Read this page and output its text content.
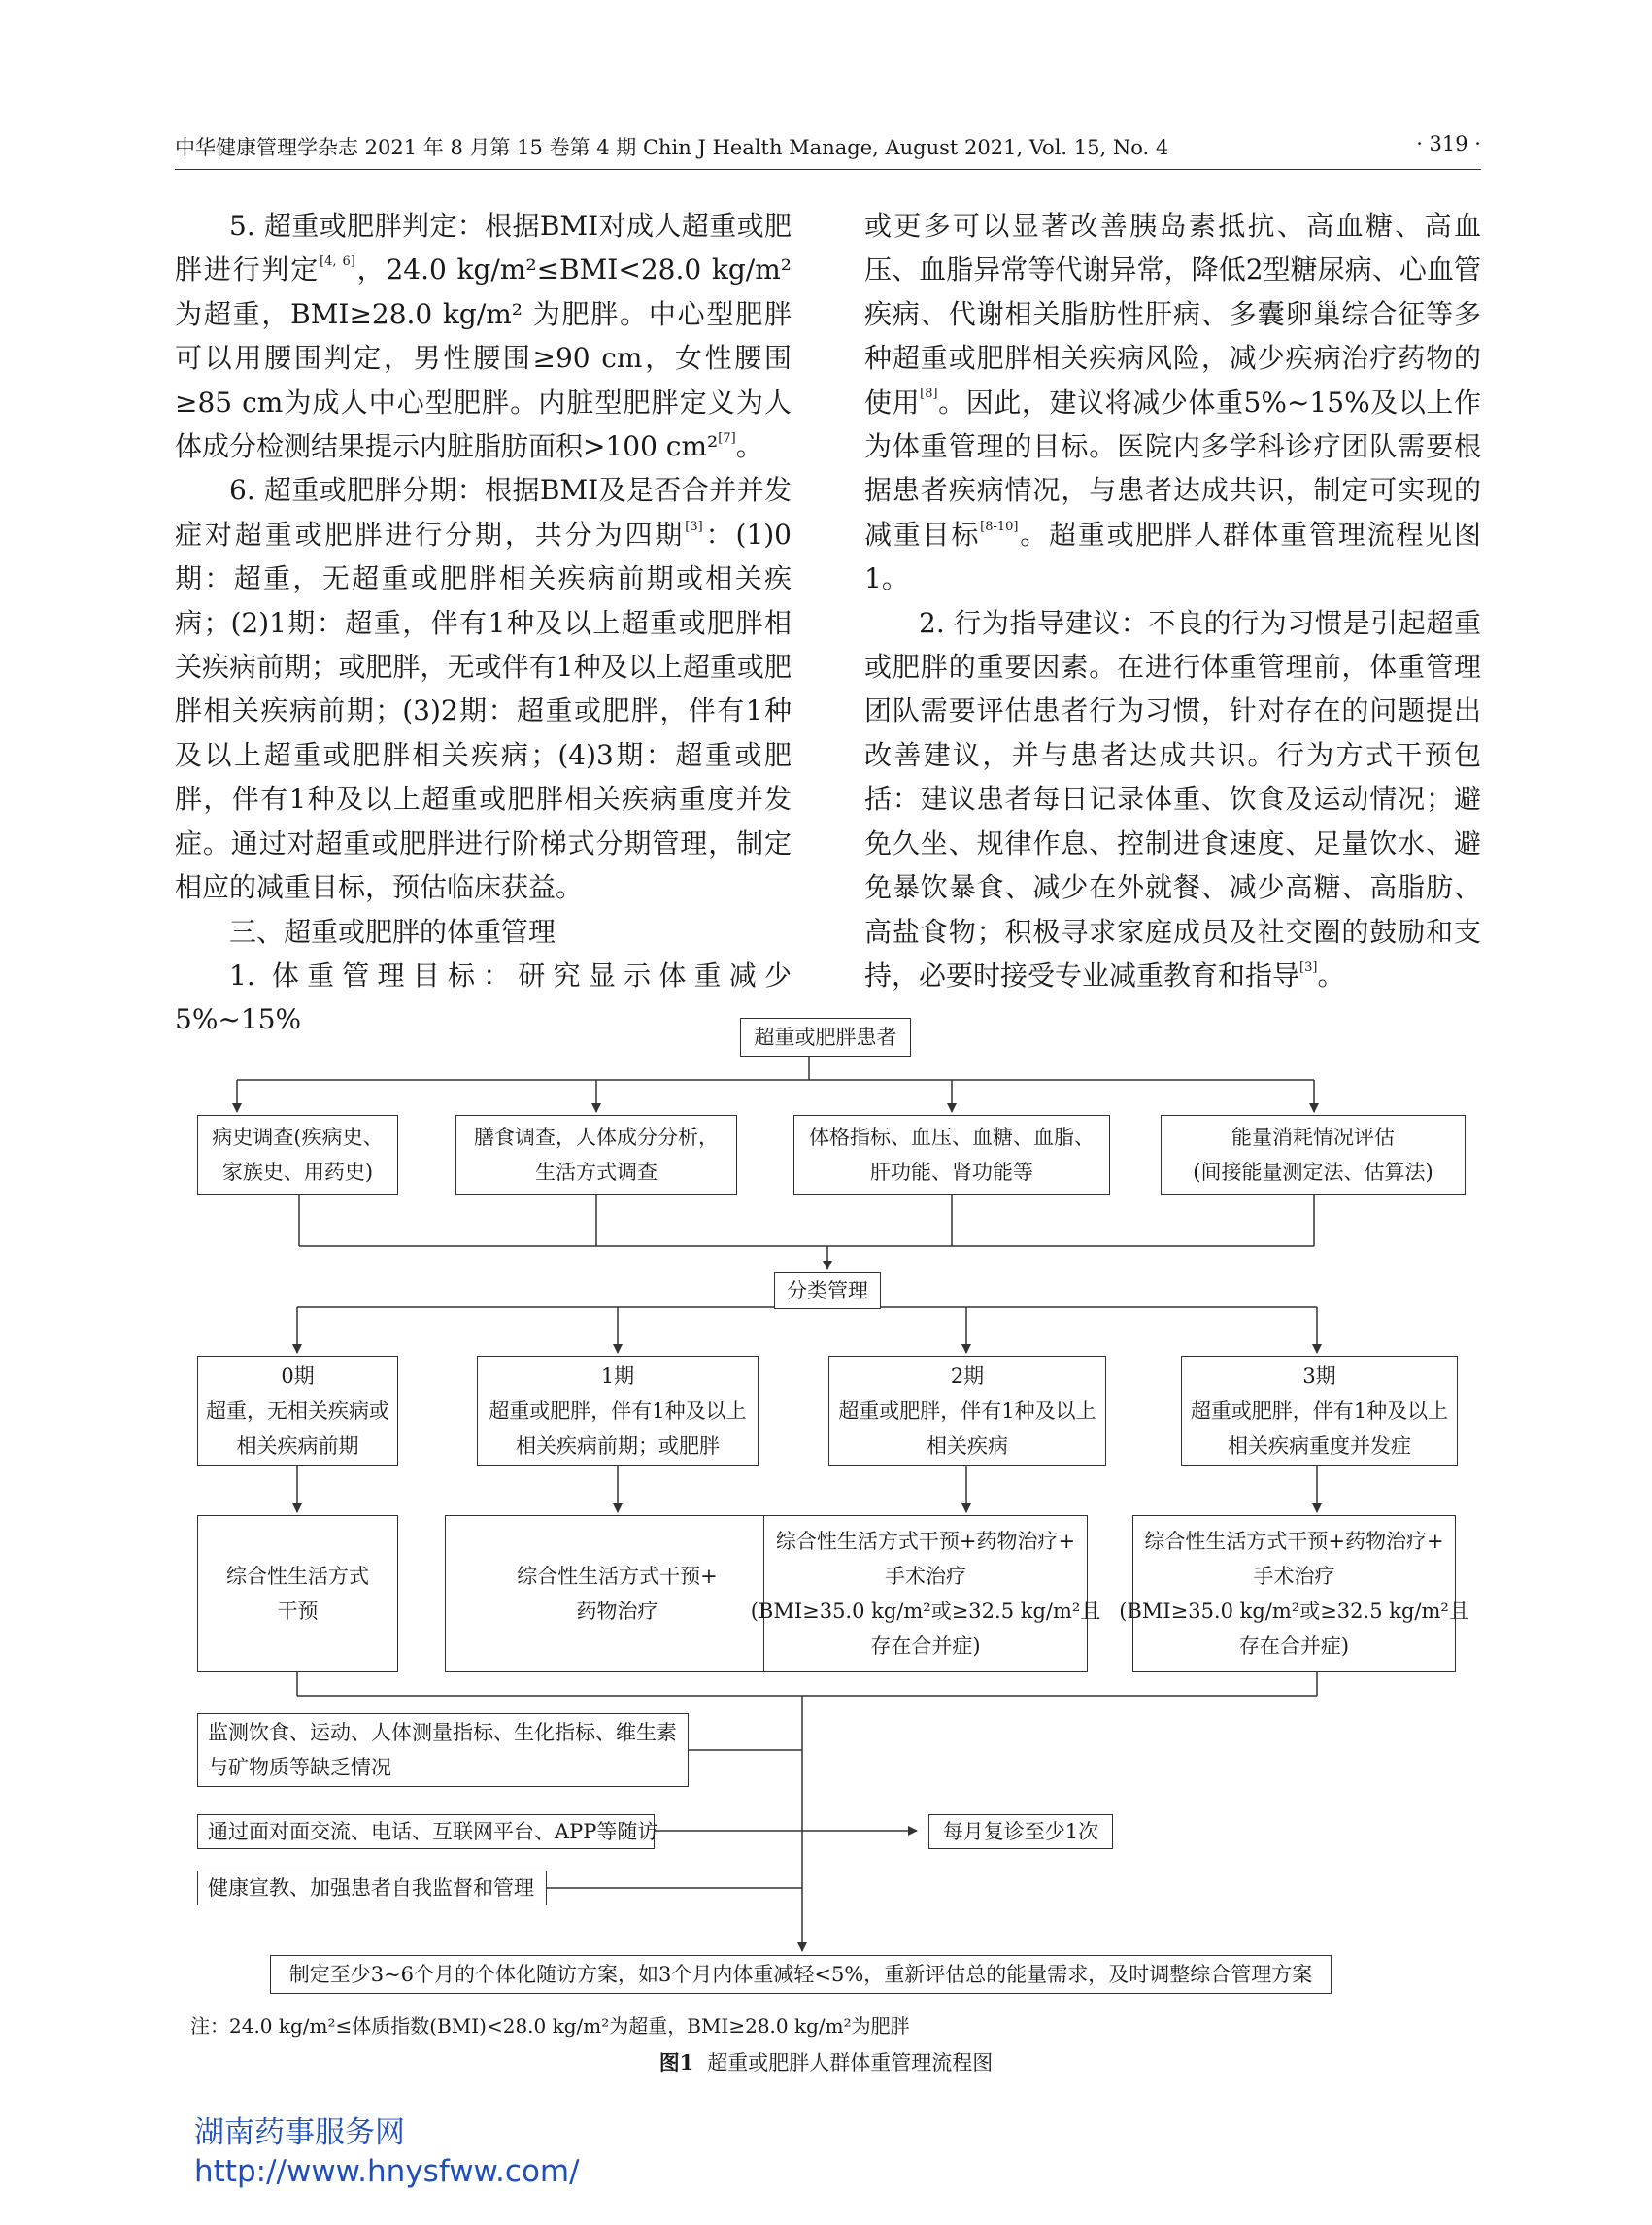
中华健康管理学杂志 2021 年 8 月第 15 卷第 4 期 Chin J Health Manage, August 2021, Vol. 15, No. 4	· 319 ·

5. 超重或肥胖判定：根据BMI对成人超重或肥胖进行判定[4, 6]，24.0 kg/m²≤BMI<28.0 kg/m² 为超重，BMI≥28.0 kg/m² 为肥胖。中心型肥胖可以用腰围判定，男性腰围≥90 cm，女性腰围≥85 cm为成人中心型肥胖。内脏型肥胖定义为人体成分检测结果提示内脏脂肪面积>100 cm²[7]。

6. 超重或肥胖分期：根据BMI及是否合并并发症对超重或肥胖进行分期，共分为四期[3]：(1)0期：超重，无超重或肥胖相关疾病前期或相关疾病；(2)1期：超重，伴有1种及以上超重或肥胖相关疾病前期；或肥胖，无或伴有1种及以上超重或肥胖相关疾病前期；(3)2期：超重或肥胖，伴有1种及以上超重或肥胖相关疾病；(4)3期：超重或肥胖，伴有1种及以上超重或肥胖相关疾病重度并发症。通过对超重或肥胖进行阶梯式分期管理，制定相应的减重目标，预估临床获益。

三、超重或肥胖的体重管理

1. 体重管理目标：研究显示体重减少5%~15%

或更多可以显著改善胰岛素抵抗、高血糖、高血压、血脂异常等代谢异常，降低2型糖尿病、心血管疾病、代谢相关脂肪性肝病、多囊卵巢综合征等多种超重或肥胖相关疾病风险，减少疾病治疗药物的使用[8]。因此，建议将减少体重5%~15%及以上作为体重管理的目标。医院内多学科诊疗团队需要根据患者疾病情况，与患者达成共识，制定可实现的减重目标[8-10]。超重或肥胖人群体重管理流程见图1。

2. 行为指导建议：不良的行为习惯是引起超重或肥胖的重要因素。在进行体重管理前，体重管理团队需要评估患者行为习惯，针对存在的问题提出改善建议，并与患者达成共识。行为方式干预包括：建议患者每日记录体重、饮食及运动情况；避免久坐、规律作息、控制进食速度、足量饮水、避免暴饮暴食、减少在外就餐、减少高糖、高脂肪、高盐食物；积极寻求家庭成员及社交圈的鼓励和支持，必要时接受专业减重教育和指导[3]。

超重或肥胖患者
病史调查(疾病史、
家族史、用药史)
膳食调查，人体成分分析，
生活方式调查
体格指标、血压、血糖、血脂、
肝功能、肾功能等
能量消耗情况评估
(间接能量测定法、估算法)
分类管理
0期
超重，无相关疾病或
相关疾病前期
1期
超重或肥胖，伴有1种及以上
相关疾病前期；或肥胖
2期
超重或肥胖，伴有1种及以上
相关疾病
3期
超重或肥胖，伴有1种及以上
相关疾病重度并发症
综合性生活方式
干预
综合性生活方式干预+
药物治疗
综合性生活方式干预+药物治疗+
手术治疗
(BMI≥35.0 kg/m²或≥32.5 kg/m²且
存在合并症)
综合性生活方式干预+药物治疗+
手术治疗
(BMI≥35.0 kg/m²或≥32.5 kg/m²且
存在合并症)
监测饮食、运动、人体测量指标、生化指标、维生素
与矿物质等缺乏情况
通过面对面交流、电话、互联网平台、APP等随访	每月复诊至少1次
健康宣教、加强患者自我监督和管理
制定至少3~6个月的个体化随访方案，如3个月内体重减轻<5%，重新评估总的能量需求，及时调整综合管理方案
注：24.0 kg/m²≤体质指数(BMI)<28.0 kg/m²为超重，BMI≥28.0 kg/m²为肥胖
图1 超重或肥胖人群体重管理流程图
湖南药事服务网
http://www.hnysfww.com/
